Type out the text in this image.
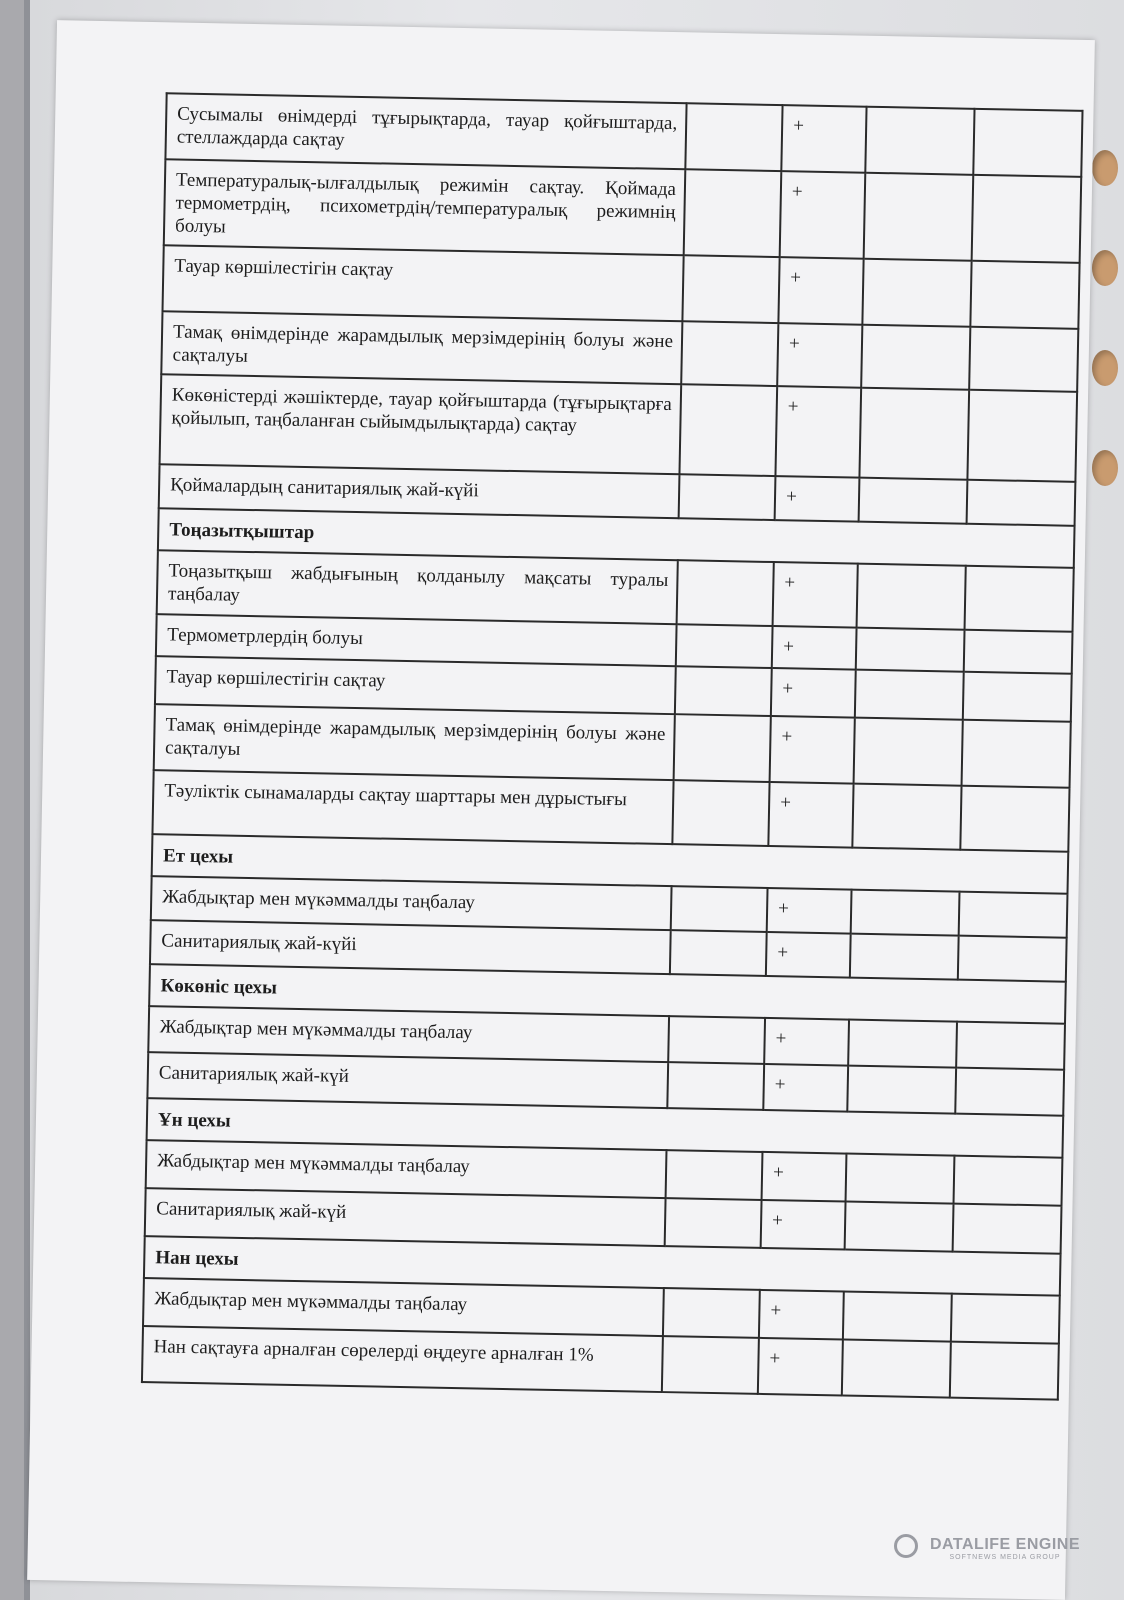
Сусымалы өнімдерді тұғырықтарда, тауар қойғыштарда, стеллаждарда сақтау		+		
Температуралық-ылғалдылық режимін сақтау. Қоймада термометрдің, психометрдің/температуралық режимнің болуы		+		
Тауар көршілестігін сақтау		+		
Тамақ өнімдерінде жарамдылық мерзімдерінің болуы және сақталуы		+		
Көкөністерді жәшіктерде, тауар қойғыштарда (тұғырықтарға қойылып, таңбаланған сыйымдылықтарда) сақтау		+		
Қоймалардың санитариялық жай-күйі		+		
Тоңазытқыштар				
Тоңазытқыш жабдығының қолданылу мақсаты туралы таңбалау		+		
Термометрлердің болуы		+		
Тауар көршілестігін сақтау		+		
Тамақ өнімдерінде жарамдылық мерзімдерінің болуы және сақталуы		+		
Тәуліктік сынамаларды сақтау шарттары мен дұрыстығы		+		
Ет цехы				
Жабдықтар мен мүкәммалды таңбалау		+		
Санитариялық жай-күйі		+		
Көкөніс цехы				
Жабдықтар мен мүкәммалды таңбалау		+		
Санитариялық жай-күй		+		
Ұн цехы				
Жабдықтар мен мүкәммалды таңбалау		+		
Санитариялық жай-күй		+		
Нан цехы				
Жабдықтар мен мүкәммалды таңбалау		+		
Нан сақтауға арналған сөрелерді өңдеуге арналған 1%		+		
DATALIFE ENGINE
SOFTNEWS MEDIA GROUP
